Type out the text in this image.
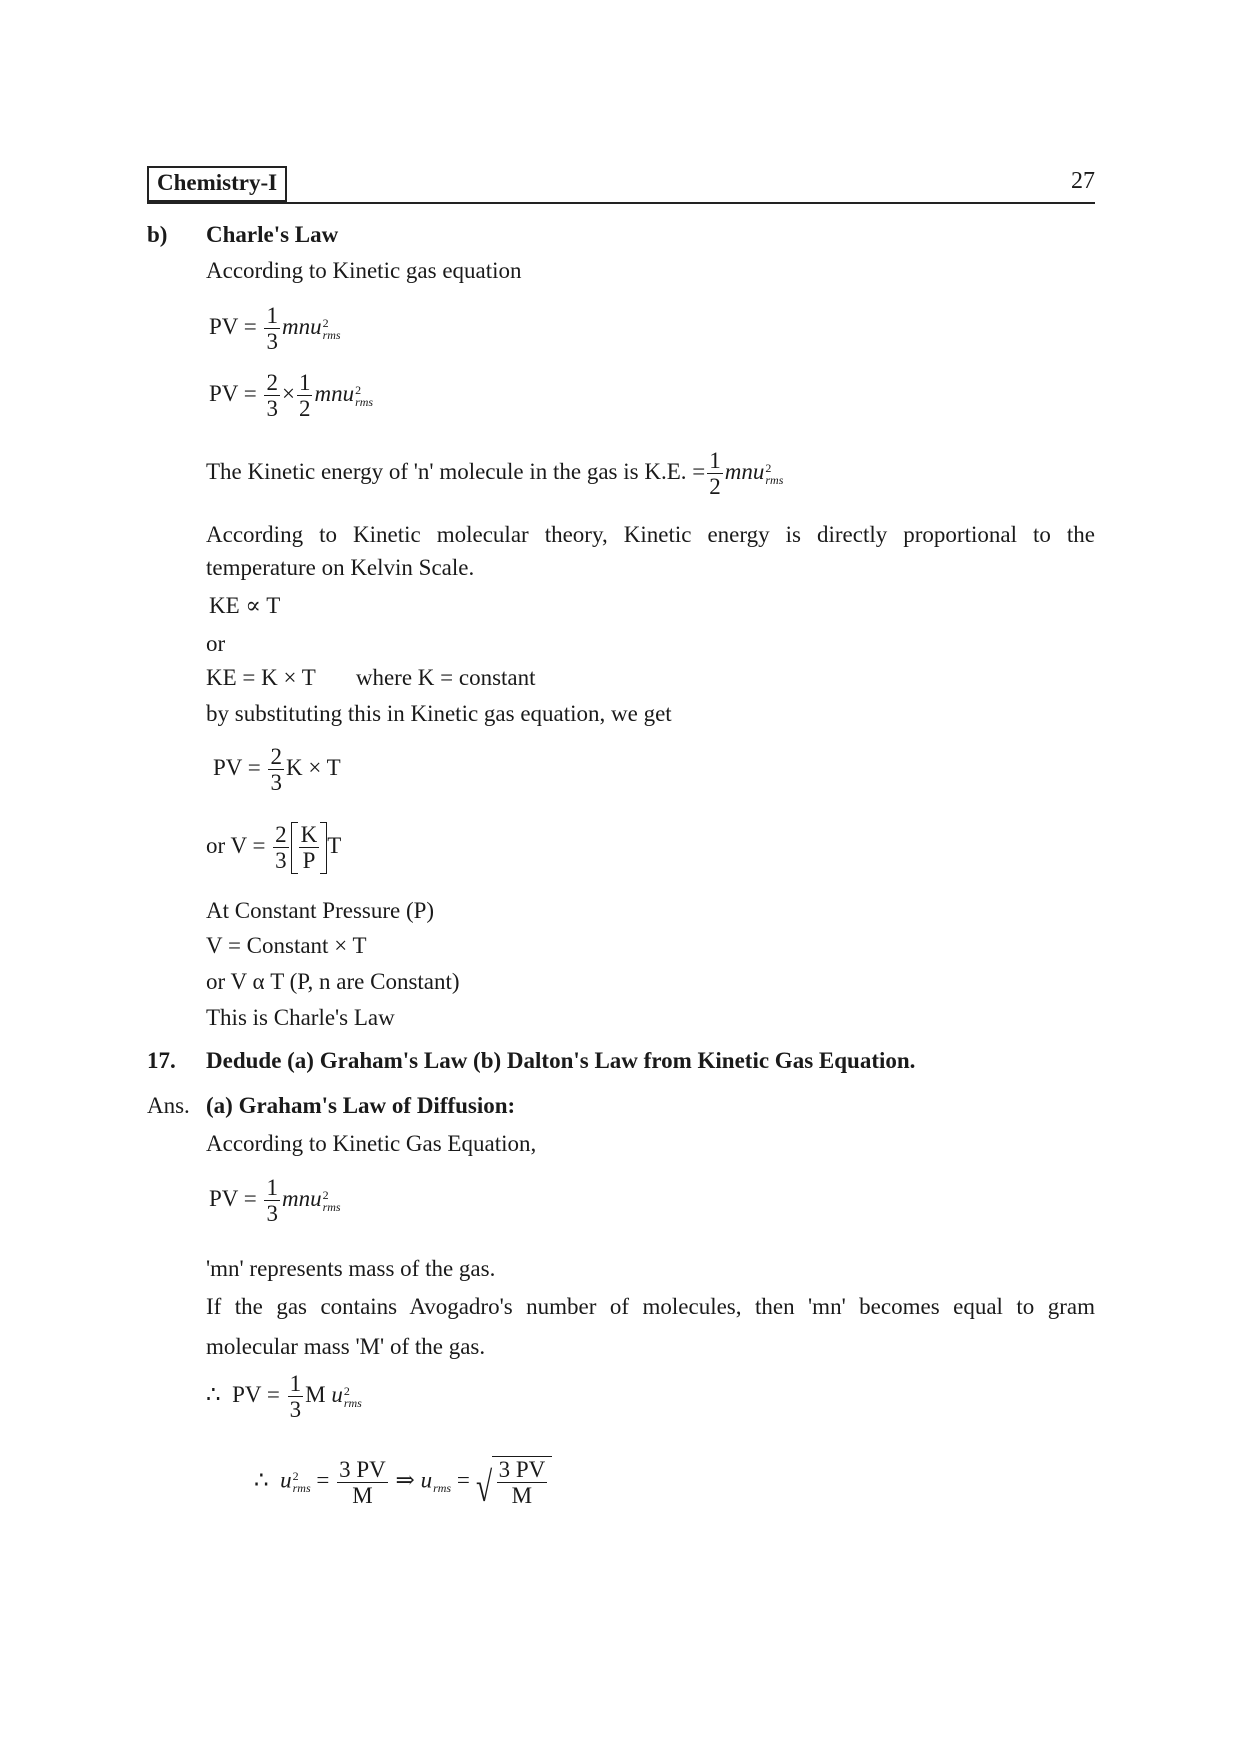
Chemistry-I	27
b) Charle's Law
According to Kinetic gas equation
PV = $\frac{1}{3}$ mnu 2
rms
PV = $\frac{2}{3} \times \frac{1}{2}$ mnu 2
rms
The Kinetic energy of 'n' molecule in the gas is K.E. = $\frac{1}{2}$ mnu 2
rms
According to Kinetic molecular theory, Kinetic energy is directly proportional to the
temperature on Kelvin Scale.
KE ∝ T
or
KE = K × T where K = constant
by substituting this in Kinetic gas equation, we get
PV = $\frac{2}{3}$ K × T
or $V = \frac{2}{3} \frac{K}{P}$ T
At Constant Pressure (P)
V = Constant × T
or V α T (P, n are Constant)
This is Charle's Law
17. Dedude (a) Graham's Law (b) Dalton's Law from Kinetic Gas Equation.
Ans. (a) Graham's Law of Diffusion:
According to Kinetic Gas Equation,
PV = $\frac{1}{3}$ mnu 2
rms
'mn' represents mass of the gas.
If the gas contains Avogadro's number of molecules, then 'mn' becomes equal to gram
molecular mass 'M' of the gas.
∴ PV = $\frac{1}{3}$ M u 2
rms
∴ u 2
rms = $\frac{3 PV}{M}$ ⇒ u
rms = √ $\frac{3 PV}{M}$
